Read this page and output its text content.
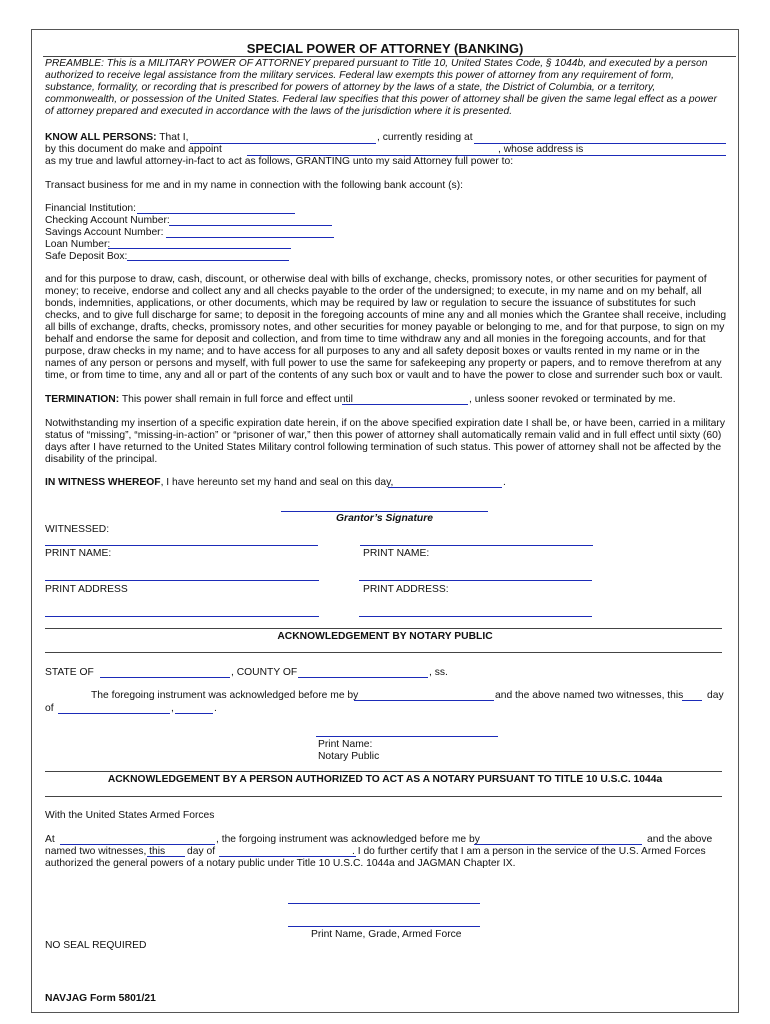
SPECIAL POWER OF ATTORNEY (BANKING)
PREAMBLE: This is a MILITARY POWER OF ATTORNEY prepared pursuant to Title 10, United States Code, § 1044b, and executed by a person authorized to receive legal assistance from the military services. Federal law exempts this power of attorney from any requirement of form, substance, formality, or recording that is prescribed for powers of attorney by the laws of a state, the District of Columbia, or a territory, commonwealth, or possession of the United States. Federal law specifies that this power of attorney shall be given the same legal effect as a power of attorney prepared and executed in accordance with the laws of the jurisdiction where it is presented.
KNOW ALL PERSONS: That I,	, currently residing at
by this document do make and appoint	, whose address is
as my true and lawful attorney-in-fact to act as follows, GRANTING unto my said Attorney full power to:
Transact business for me and in my name in connection with the following bank account (s):
Financial Institution:
Checking Account Number:
Savings Account Number:
Loan Number:
Safe Deposit Box:
and for this purpose to draw, cash, discount, or otherwise deal with bills of exchange, checks, promissory notes, or other securities for payment of money; to receive, endorse and collect any and all checks payable to the order of the undersigned; to execute, in my name and on my behalf, all bonds, indemnities, applications, or other documents, which may be required by law or regulation to secure the issuance of substitutes for such checks, and to give full discharge for same; to deposit in the foregoing accounts of mine any and all monies which the Grantee shall receive, including all bills of exchange, drafts, checks, promissory notes, and other securities for money payable or belonging to me, and for that purpose, to sign on my behalf and endorse the same for deposit and collection, and from time to time withdraw any and all monies in the foregoing accounts, and for that purpose, draw checks in my name; and to have access for all purposes to any and all safety deposit boxes or vaults rented in my name or in the names of any person or persons and myself, with full power to use the same for safekeeping any property or papers, and to remove therefrom at any time, or from time to time, any and all or part of the contents of any such box or vault and to have the power to close and surrender such box or vault.
TERMINATION: This power shall remain in full force and effect until	, unless sooner revoked or terminated by me.
Notwithstanding my insertion of a specific expiration date herein, if on the above specified expiration date I shall be, or have been, carried in a military status of “missing”, “missing-in-action” or “prisoner of war,” then this power of attorney shall automatically remain valid and in full effect until sixty (60) days after I have returned to the United States Military control following termination of such status. This power of attorney shall not be affected by the disability of the principal.
IN WITNESS WHEREOF, I have hereunto set my hand and seal on this day,	.
Grantor’s Signature
WITNESSED:
PRINT NAME:	PRINT NAME:
PRINT ADDRESS	PRINT ADDRESS:
ACKNOWLEDGEMENT BY NOTARY PUBLIC
STATE OF	, COUNTY OF	, ss.
The foregoing instrument was acknowledged before me by	and the above named two witnesses, this day
of	,	.
Print Name:
Notary Public
ACKNOWLEDGEMENT BY A PERSON AUTHORIZED TO ACT AS A NOTARY PURSUANT TO TITLE 10 U.S.C. 1044a
With the United States Armed Forces
At	, the forgoing instrument was acknowledged before me by	and the above
named two witnesses, this day of	. I do further certify that I am a person in the service of the U.S. Armed Forces
authorized the general powers of a notary public under Title 10 U.S.C. 1044a and JAGMAN Chapter IX.
Print Name, Grade, Armed Force
NO SEAL REQUIRED
NAVJAG Form 5801/21
